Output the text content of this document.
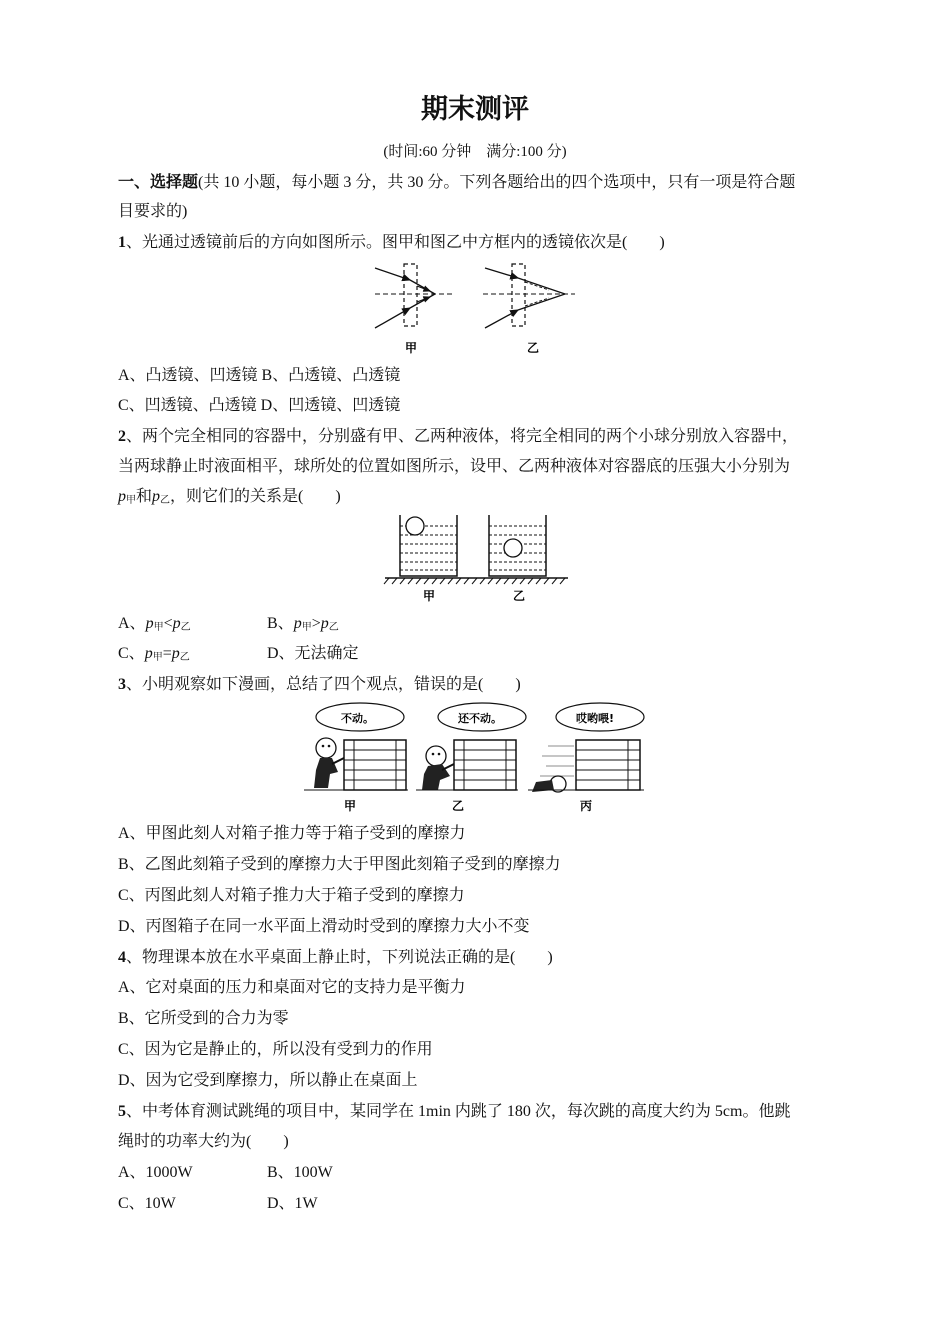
期末测评
(时间:60 分钟　满分:100 分)
一、选择题(共 10 小题，每小题 3 分，共 30 分。下列各题给出的四个选项中，只有一项是符合题
目要求的)
1、光通过透镜前后的方向如图所示。图甲和图乙中方框内的透镜依次是(　　)
甲	乙
A、凸透镜、凹透镜 B、凸透镜、凸透镜
C、凹透镜、凸透镜 D、凹透镜、凹透镜
2、两个完全相同的容器中，分别盛有甲、乙两种液体，将完全相同的两个小球分别放入容器中，
当两球静止时液面相平，球所处的位置如图所示，设甲、乙两种液体对容器底的压强大小分别为
$p_甲$和$p_乙$，则它们的关系是(　　)
甲	乙
A、$p_甲<p_乙$	B、$p_甲>p_乙$
C、$p_甲=p_乙$	D、无法确定
3、小明观察如下漫画，总结了四个观点，错误的是(　　)
不动。	还不动。	哎哟喂!
甲	乙	丙
A、甲图此刻人对箱子推力等于箱子受到的摩擦力
B、乙图此刻箱子受到的摩擦力大于甲图此刻箱子受到的摩擦力
C、丙图此刻人对箱子推力大于箱子受到的摩擦力
D、丙图箱子在同一水平面上滑动时受到的摩擦力大小不变
4、物理课本放在水平桌面上静止时，下列说法正确的是(　　)
A、它对桌面的压力和桌面对它的支持力是平衡力
B、它所受到的合力为零
C、因为它是静止的，所以没有受到力的作用
D、因为它受到摩擦力，所以静止在桌面上
5、中考体育测试跳绳的项目中，某同学在 1min 内跳了 180 次，每次跳的高度大约为 5cm。他跳
绳时的功率大约为(　　)
A、1000W	B、100W
C、10W	D、1W
